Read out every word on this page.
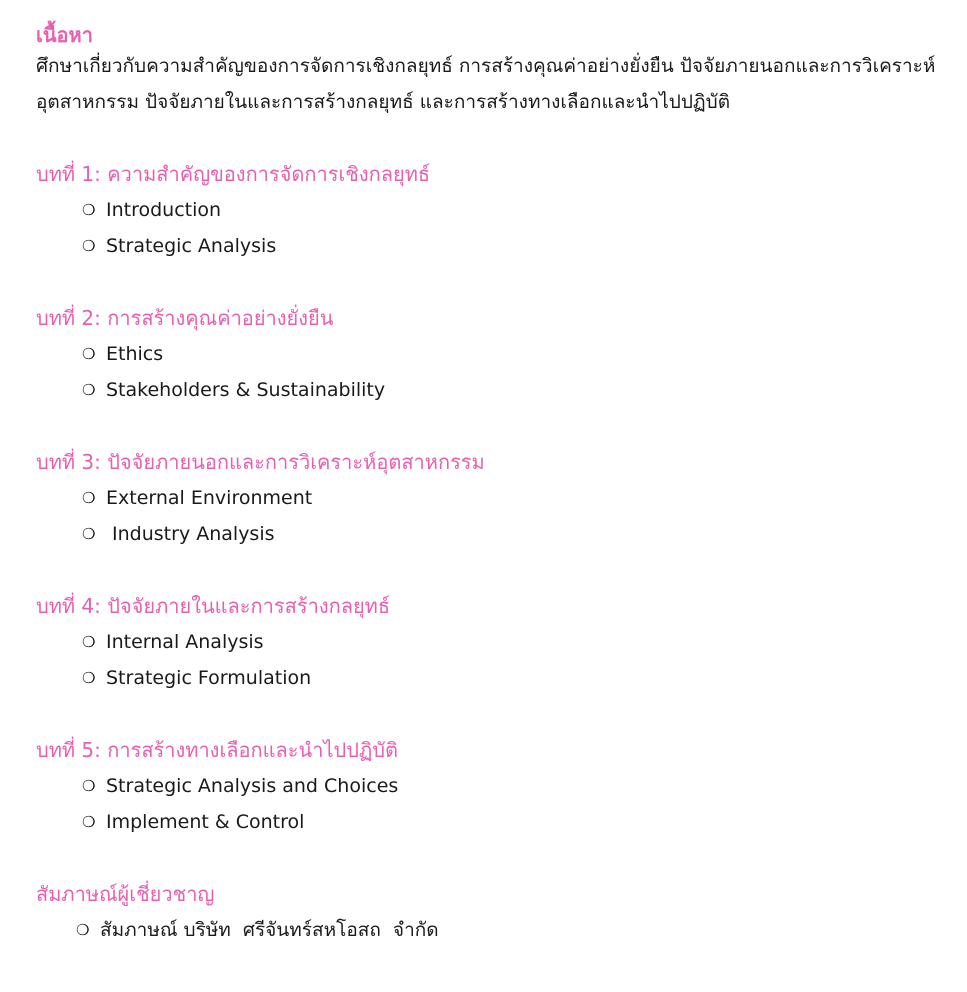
เนื้อหา

ศึกษาเกี่ยวกับความสำคัญของการจัดการเชิงกลยุทธ์ การสร้างคุณค่าอย่างยั่งยืน ปัจจัยภายนอกและการวิเคราะห์
อุตสาหกรรม ปัจจัยภายในและการสร้างกลยุทธ์ และการสร้างทางเลือกและนำไปปฏิบัติ

บทที่ 1: ความสำคัญของการจัดการเชิงกลยุทธ์
❍ Introduction
❍ Strategic Analysis
บทที่ 2: การสร้างคุณค่าอย่างยั่งยืน
❍ Ethics
❍ Stakeholders & Sustainability
บทที่ 3: ปัจจัยภายนอกและการวิเคราะห์อุตสาหกรรม
❍ External Environment
❍ Industry Analysis
บทที่ 4: ปัจจัยภายในและการสร้างกลยุทธ์
❍ Internal Analysis
❍ Strategic Formulation
บทที่ 5: การสร้างทางเลือกและนำไปปฏิบัติ
❍ Strategic Analysis and Choices
❍ Implement & Control
สัมภาษณ์ผู้เชี่ยวชาญ
❍ สัมภาษณ์ บริษัท  ศรีจันทร์สหโอสถ  จำกัด
